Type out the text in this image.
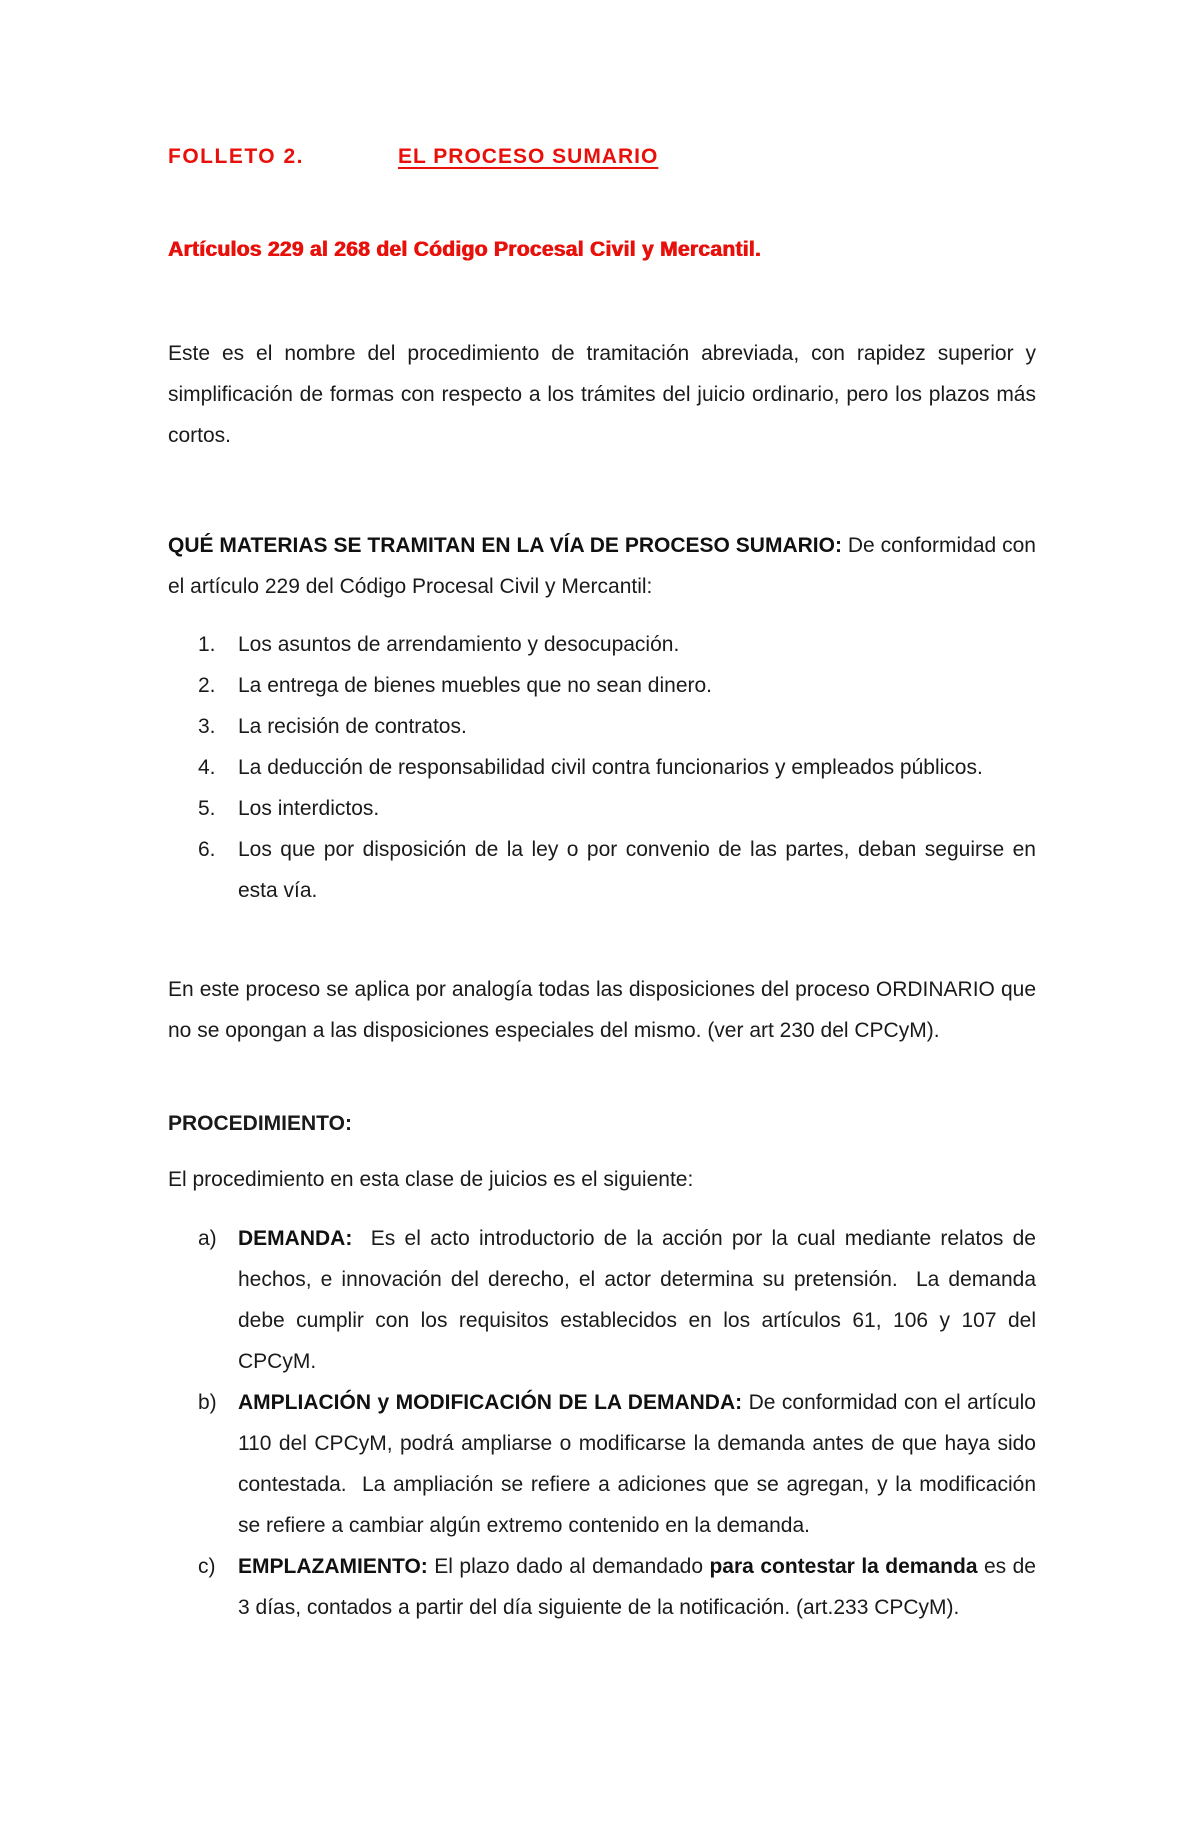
FOLLETO 2.	EL PROCESO SUMARIO
Artículos 229 al 268 del Código Procesal Civil y Mercantil.
Este es el nombre del procedimiento de tramitación abreviada, con rapidez superior y simplificación de formas con respecto a los trámites del juicio ordinario, pero los plazos más cortos.
QUÉ MATERIAS SE TRAMITAN EN LA VÍA DE PROCESO SUMARIO: De conformidad con el artículo 229 del Código Procesal Civil y Mercantil:
1. Los asuntos de arrendamiento y desocupación.
2. La entrega de bienes muebles que no sean dinero.
3. La recisión de contratos.
4. La deducción de responsabilidad civil contra funcionarios y empleados públicos.
5. Los interdictos.
6. Los que por disposición de la ley o por convenio de las partes, deban seguirse en esta vía.
En este proceso se aplica por analogía todas las disposiciones del proceso ORDINARIO que no se opongan a las disposiciones especiales del mismo. (ver art 230 del CPCyM).
PROCEDIMIENTO:
El procedimiento en esta clase de juicios es el siguiente:
a) DEMANDA:  Es el acto introductorio de la acción por la cual mediante relatos de hechos, e innovación del derecho, el actor determina su pretensión.  La demanda debe cumplir con los requisitos establecidos en los artículos 61, 106 y 107 del CPCyM.
b) AMPLIACIÓN y MODIFICACIÓN DE LA DEMANDA: De conformidad con el artículo 110 del CPCyM, podrá ampliarse o modificarse la demanda antes de que haya sido contestada.  La ampliación se refiere a adiciones que se agregan, y la modificación se refiere a cambiar algún extremo contenido en la demanda.
c) EMPLAZAMIENTO: El plazo dado al demandado para contestar la demanda es de 3 días, contados a partir del día siguiente de la notificación. (art.233 CPCyM).
